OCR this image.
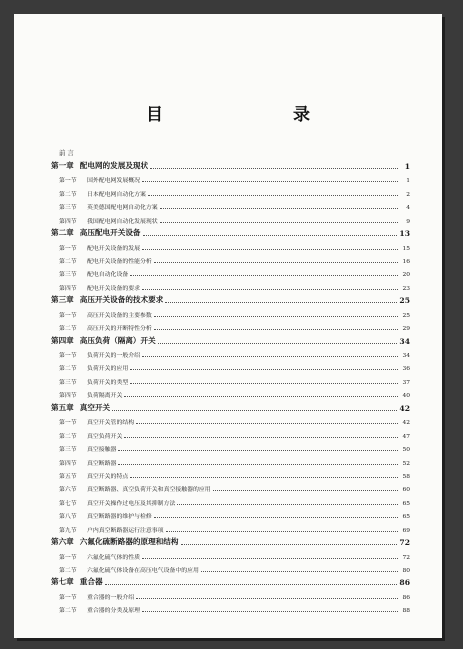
目 录
前 言
第一章 配电网的发展及现状	1
第一节	国外配电网发展概况	1
第二节	日本配电网自动化方案	2
第三节	英美德国配电网自动化方案	4
第四节	我国配电网自动化发展现状	9
第二章 高压配电开关设备	13
第一节	配电开关设备的发展	15
第二节	配电开关设备的性能分析	16
第三节	配电自动化设备	20
第四节	配电开关设备的要求	23
第三章 高压开关设备的技术要求	25
第一节	高压开关设备的主要参数	25
第二节	高压开关的开断特性分析	29
第四章 高压负荷（隔离）开关	34
第一节	负荷开关的一般介绍	34
第二节	负荷开关的应用	36
第三节	负荷开关的类型	37
第四节	负荷隔离开关	40
第五章 真空开关	42
第一节	真空开关管的结构	42
第二节	真空负荷开关	47
第三节	真空接触器	50
第四节	真空断路器	52
第五节	真空开关的特点	58
第六节	真空断路器、真空负荷开关和真空接触器的应用	60
第七节	真空开关操作过电压及其抑制方法	65
第八节	真空断路器的维护与检修	65
第九节	户内真空断路器运行注意事项	69
第六章 六氟化硫断路器的原理和结构	72
第一节	六氟化硫气体的性质	72
第二节	六氟化硫气体设备在高压电气设备中的应用	80
第七章 重合器	86
第一节	重合器的一般介绍	86
第二节	重合器的分类及原理	88
